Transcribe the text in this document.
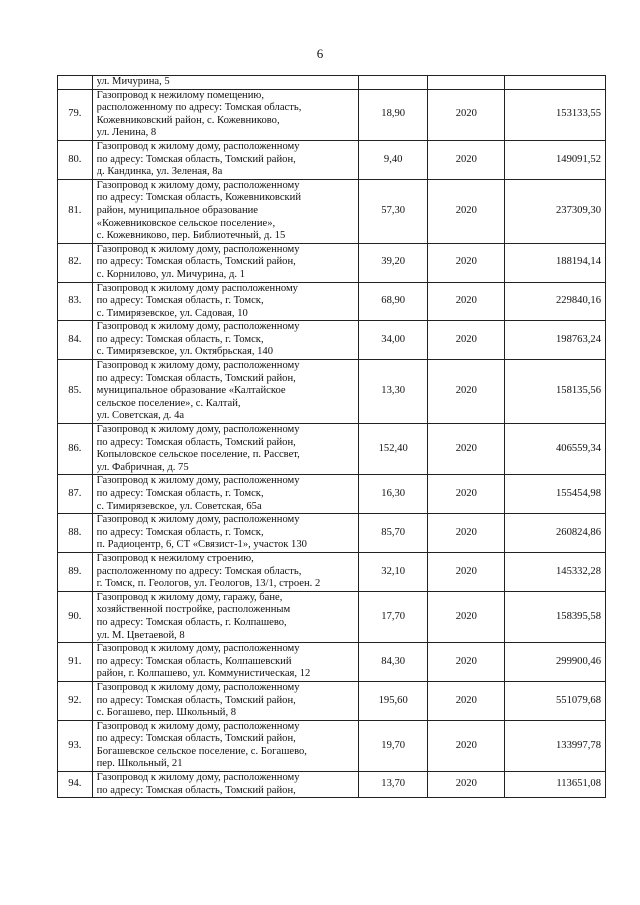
6

	ул. Мичурина, 5			

79.	Газопровод к нежилому помещению,
расположенному по адресу: Томская область,
Кожевниковский район, с. Кожевниково,
ул. Ленина, 8	18,90	2020	153133,55
80.	Газопровод к жилому дому, расположенному
по адресу: Томская область, Томский район,
д. Кандинка, ул. Зеленая, 8а	9,40	2020	149091,52
81.	Газопровод к жилому дому, расположенному
по адресу: Томская область, Кожевниковский
район, муниципальное образование
«Кожевниковское сельское поселение»,
с. Кожевниково, пер. Библиотечный, д. 15	57,30	2020	237309,30
82.	Газопровод к жилому дому, расположенному
по адресу: Томская область, Томский район,
с. Корнилово, ул. Мичурина, д. 1	39,20	2020	188194,14
83.	Газопровод к жилому дому расположенному
по адресу: Томская область, г. Томск,
с. Тимирязевское, ул. Садовая, 10	68,90	2020	229840,16
84.	Газопровод к жилому дому, расположенному
по адресу: Томская область, г. Томск,
с. Тимирязевское, ул. Октябрьская, 140	34,00	2020	198763,24
85.	Газопровод к жилому дому, расположенному
по адресу: Томская область, Томский район,
муниципальное образование «Калтайское
сельское поселение», с. Калтай,
ул. Советская, д. 4а	13,30	2020	158135,56
86.	Газопровод к жилому дому, расположенному
по адресу: Томская область, Томский район,
Копыловское сельское поселение, п. Рассвет,
ул. Фабричная, д. 75	152,40	2020	406559,34
87.	Газопровод к жилому дому, расположенному
по адресу: Томская область, г. Томск,
с. Тимирязевское, ул. Советская, 65а	16,30	2020	155454,98
88.	Газопровод к жилому дому, расположенному
по адресу: Томская область, г. Томск,
п. Радиоцентр, 6, СТ «Связист-1», участок 130	85,70	2020	260824,86
89.	Газопровод к нежилому строению,
расположенному по адресу: Томская область,
г. Томск, п. Геологов, ул. Геологов, 13/1, строен. 2	32,10	2020	145332,28
90.	Газопровод к жилому дому, гаражу, бане,
хозяйственной постройке, расположенным
по адресу: Томская область, г. Колпашево,
ул. М. Цветаевой, 8	17,70	2020	158395,58
91.	Газопровод к жилому дому, расположенному
по адресу: Томская область, Колпашевский
район, г. Колпашево, ул. Коммунистическая, 12	84,30	2020	299900,46
92.	Газопровод к жилому дому, расположенному
по адресу: Томская область, Томский район,
с. Богашево, пер. Школьный, 8	195,60	2020	551079,68
93.	Газопровод к жилому дому, расположенному
по адресу: Томская область, Томский район,
Богашевское сельское поселение, с. Богашево,
пер. Школьный, 21	19,70	2020	133997,78
94.	Газопровод к жилому дому, расположенному
по адресу: Томская область, Томский район,	13,70	2020	113651,08
